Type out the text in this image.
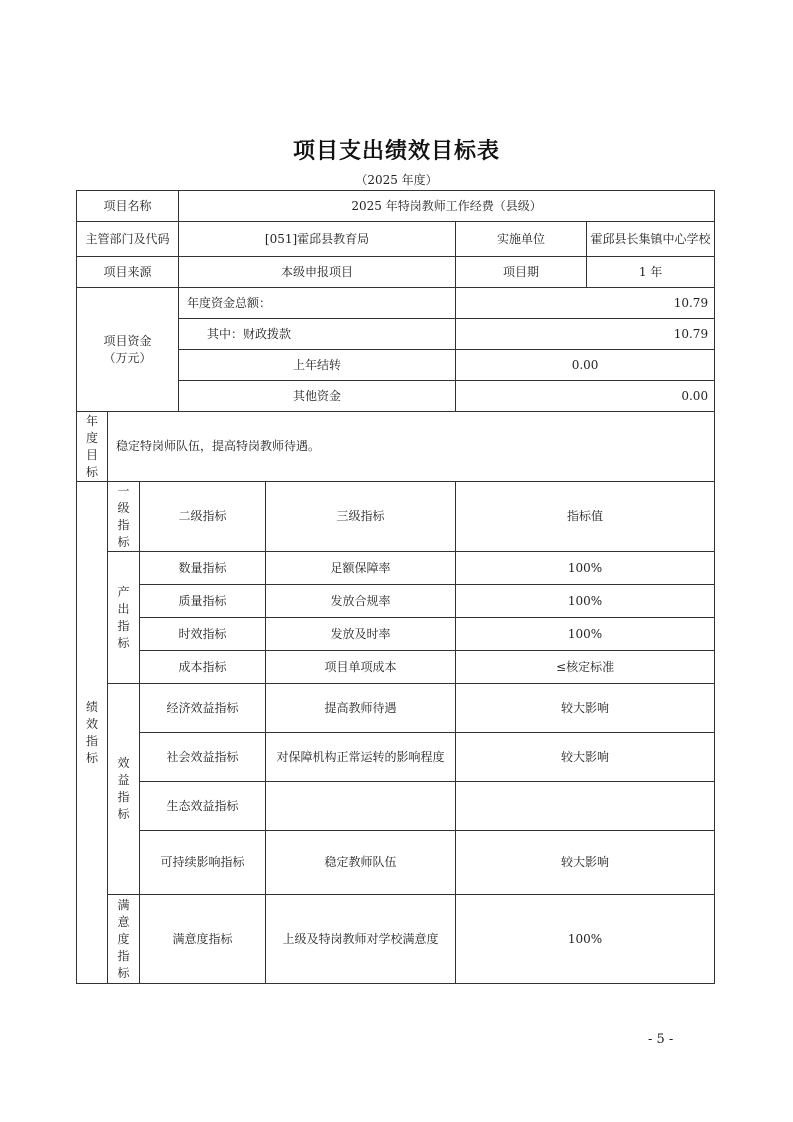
项目支出绩效目标表
（2025 年度）
项目名称			2025 年特岗教师工作经费（县级）			
主管部门及代码			[051]霍邱县教育局		实施单位	霍邱县长集镇中心学校
项目来源			本级申报项目		项目期	1 年

项目资金
（万元）			年度资金总额：		10.79	
			其中：财政拨款		10.79	
			上年结转		0.00	
			其他资金		0.00	

年
度
目
标	稳定特岗师队伍，提高特岗教师待遇。					

绩
效
指
标	一
级
指
标	二级指标		三级指标	指标值	

	产
出
指
标	数量指标		足额保障率	100%	
		质量指标		发放合规率	100%	
		时效指标		发放及时率	100%	
		成本指标		项目单项成本	≤核定标准	

	效
益
指
标	经济效益指标		提高教师待遇	较大影响	
		社会效益指标		对保障机构正常运转的影响程度	较大影响	
		生态效益指标				
		可持续影响指标		稳定教师队伍	较大影响	

	满
意
度
指
标	满意度指标		上级及特岗教师对学校满意度	100%	
- 5 -
